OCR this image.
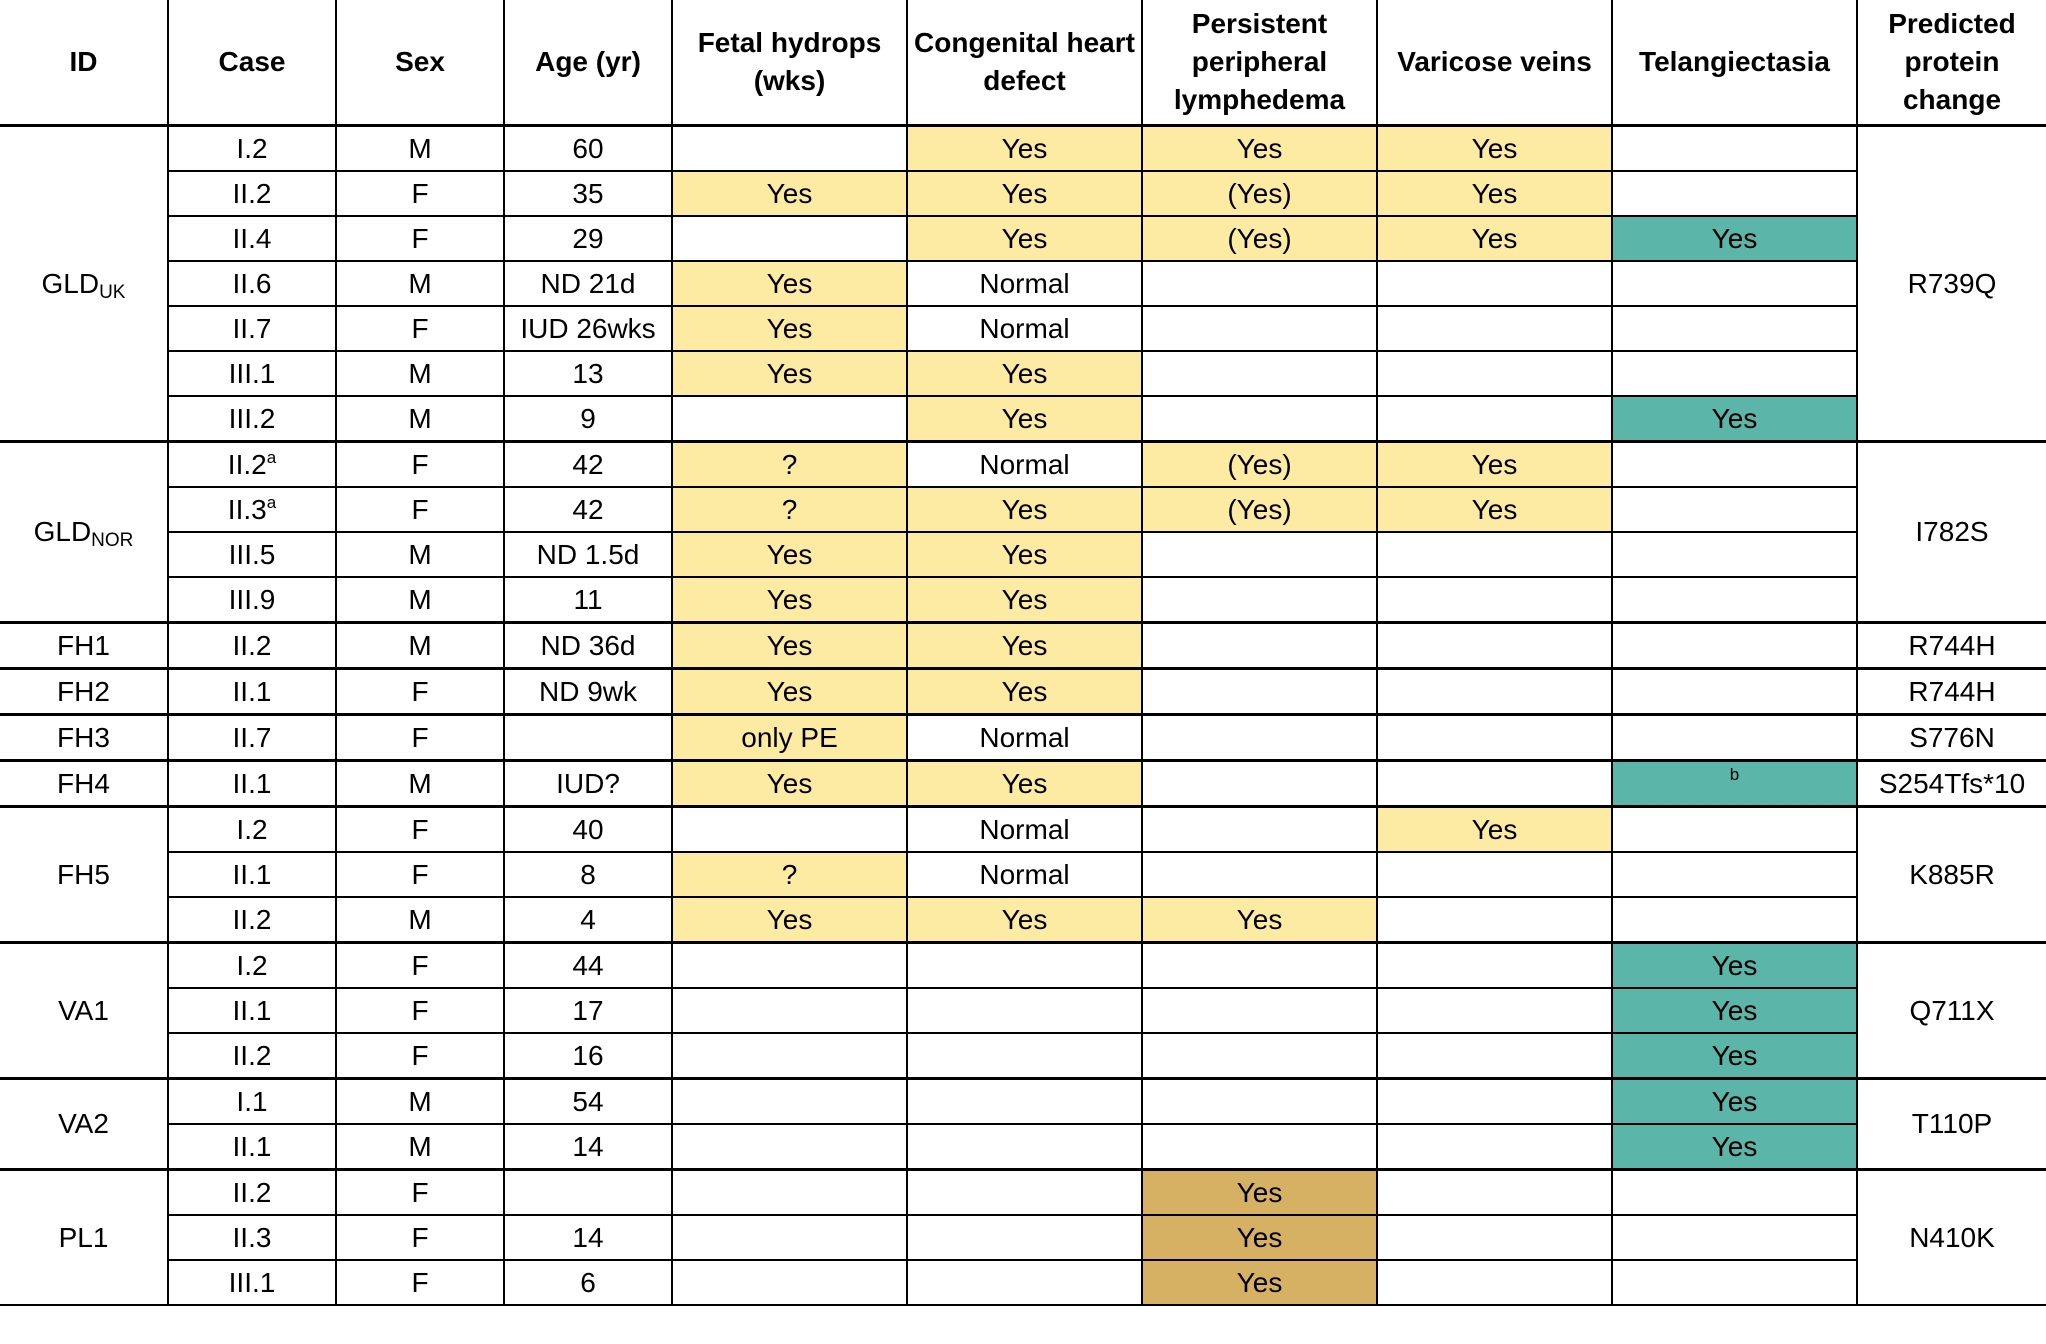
ID	Case	Sex	Age (yr)	Fetal hydrops (wks)	Congenital heart defect	Persistent peripheral lymphedema	Varicose veins	Telangiectasia	Predicted protein change
$GLD_{UK}$	I.2	M	60		Yes	Yes	Yes		R739Q
	II.2	F	35	Yes	Yes	(Yes)	Yes		
	II.4	F	29		Yes	(Yes)	Yes	Yes	
	II.6	M	ND 21d	Yes	Normal				
	II.7	F	IUD 26wks	Yes	Normal				
	III.1	M	13	Yes	Yes				
	III.2	M	9		Yes			Yes	
$GLD_{NOR}$	II.2$^a$	F	42	?	Normal	(Yes)	Yes		I782S
	II.3$^a$	F	42	?	Yes	(Yes)	Yes		
	III.5	M	ND 1.5d	Yes	Yes				
	III.9	M	11	Yes	Yes				
FH1	II.2	M	ND 36d	Yes	Yes				R744H
FH2	II.1	F	ND 9wk	Yes	Yes				R744H
FH3	II.7	F		only PE	Normal				S776N
FH4	II.1	M	IUD?	Yes	Yes			$^b$	S254Tfs*10
FH5	I.2	F	40		Normal		Yes		K885R
	II.1	F	8	?	Normal				
	II.2	M	4	Yes	Yes	Yes			
VA1	I.2	F	44					Yes	Q711X
	II.1	F	17					Yes	
	II.2	F	16					Yes	
VA2	I.1	M	54					Yes	T110P
	II.1	M	14					Yes	
PL1	II.2	F				Yes			N410K
	II.3	F	14			Yes			
	III.1	F	6			Yes			
